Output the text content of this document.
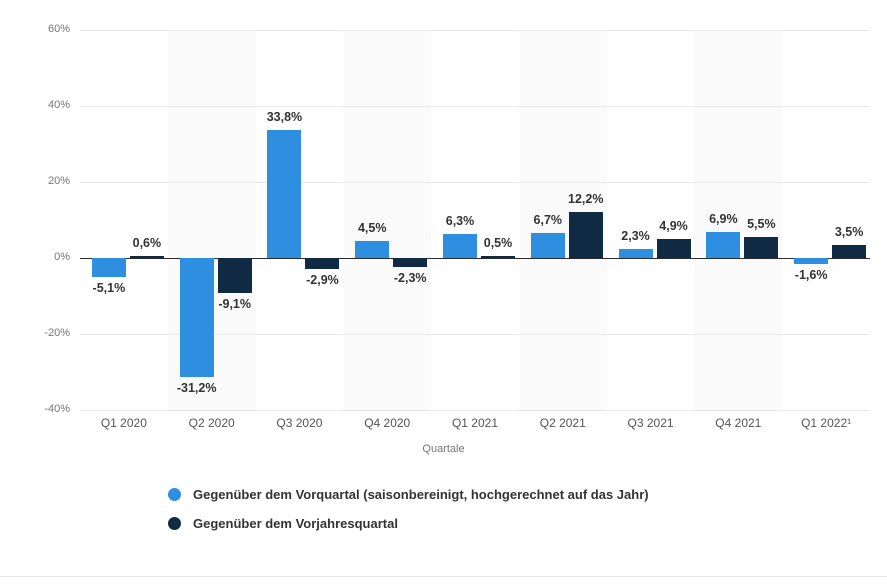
Quartale
Gegenüber dem Vorquartal (saisonbereinigt, hochgerechnet auf das Jahr)
Gegenüber dem Vorjahresquartal
-40%
-20%
0%
20%
40%
60%
-5,1%
-31,2%
33,8%
4,5%	6,3%	6,7%
2,3%
6,9%
-1,6%
0,6%
-9,1%
-2,9%	-2,3%
0,5%
12,2%
4,9%	5,5%
3,5%
Q1 2020	Q2 2020	Q3 2020	Q4 2020	Q1 2021	Q2 2021	Q3 2021	Q4 2021	Q1 2022¹
